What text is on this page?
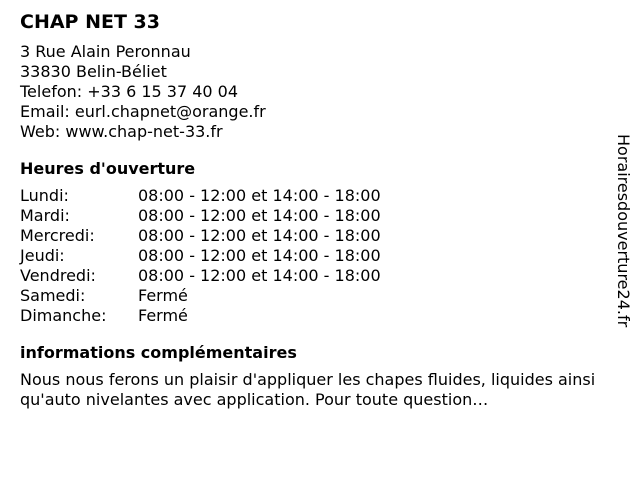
CHAP NET 33
3 Rue Alain Peronnau
33830 Belin-Béliet
Telefon: +33 6 15 37 40 04
Email: eurl.chapnet@orange.fr
Web: www.chap-net-33.fr
Heures d'ouverture
Lundi:	08:00 - 12:00 et 14:00 - 18:00
Mardi:	08:00 - 12:00 et 14:00 - 18:00
Mercredi:	08:00 - 12:00 et 14:00 - 18:00
Jeudi:	08:00 - 12:00 et 14:00 - 18:00
Vendredi:	08:00 - 12:00 et 14:00 - 18:00
Samedi:	Fermé
Dimanche:	Fermé
informations complémentaires
Nous nous ferons un plaisir d'appliquer les chapes fluides, liquides ainsi qu'auto nivelantes avec application. Pour toute question…
Horairesdouverture24.fr
